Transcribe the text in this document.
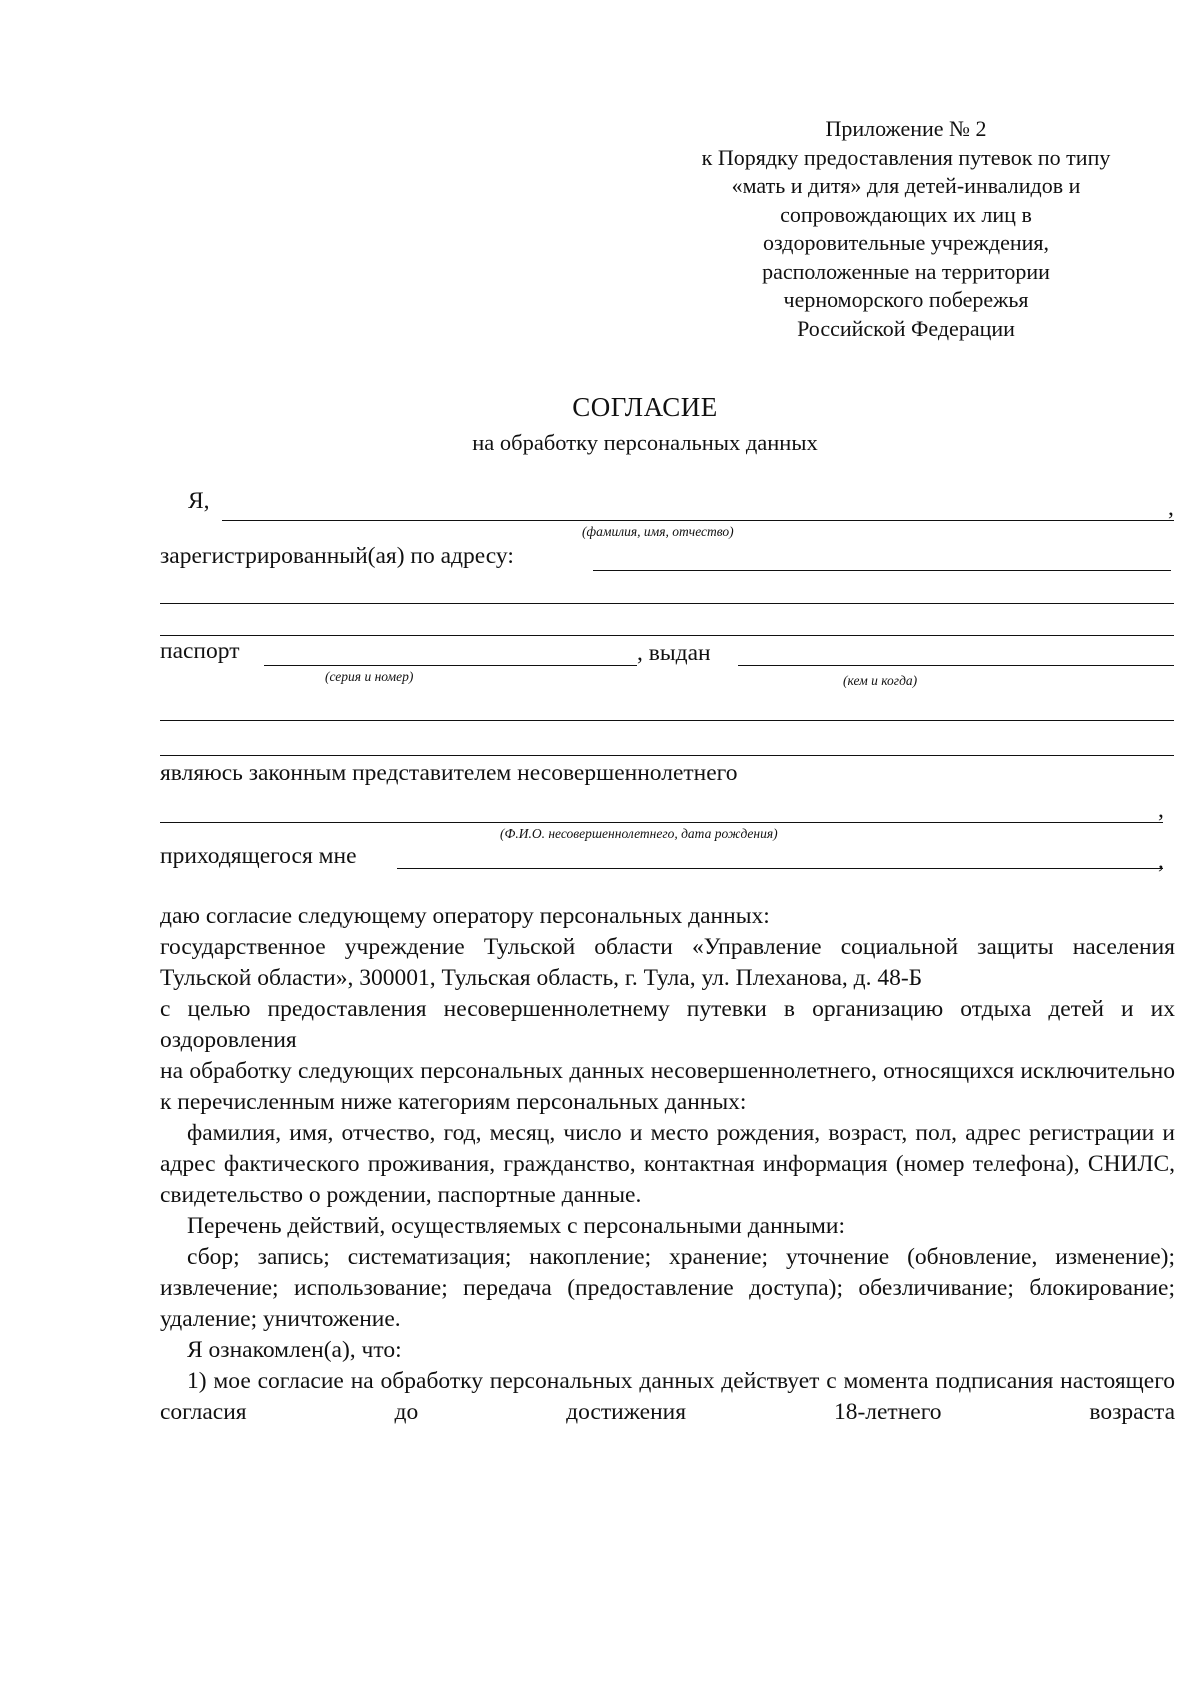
Приложение № 2
к Порядку предоставления путевок по типу
«мать и дитя» для детей-инвалидов и
сопровождающих их лиц в
оздоровительные учреждения,
расположенные на территории
черноморского побережья
Российской Федерации
СОГЛАСИЕ
на обработку персональных данных
Я,	,
(фамилия, имя, отчество)
зарегистрированный(ая) по адресу:
паспорт	, выдан
(серия и номер)	(кем и когда)
являюсь законным представителем несовершеннолетнего
,
(Ф.И.О. несовершеннолетнего, дата рождения)
приходящегося мне	,

даю согласие следующему оператору персональных данных:

государственное учреждение Тульской области «Управление социальной защиты населения Тульской области», 300001, Тульская область, г. Тула, ул. Плеханова, д. 48-Б

с целью предоставления несовершеннолетнему путевки в организацию отдыха детей и их оздоровления

на обработку следующих персональных данных несовершеннолетнего, относящихся исключительно к перечисленным ниже категориям персональных данных:

фамилия, имя, отчество, год, месяц, число и место рождения, возраст, пол, адрес регистрации и адрес фактического проживания, гражданство, контактная информация (номер телефона), СНИЛС, свидетельство о рождении, паспортные данные.

Перечень действий, осуществляемых с персональными данными:

сбор; запись; систематизация; накопление; хранение; уточнение (обновление, изменение); извлечение; использование; передача (предоставление доступа); обезличивание; блокирование; удаление; уничтожение.

Я ознакомлен(а), что:

1) мое согласие на обработку персональных данных действует с момента подписания настоящего согласия до достижения 18-летнего возраста
